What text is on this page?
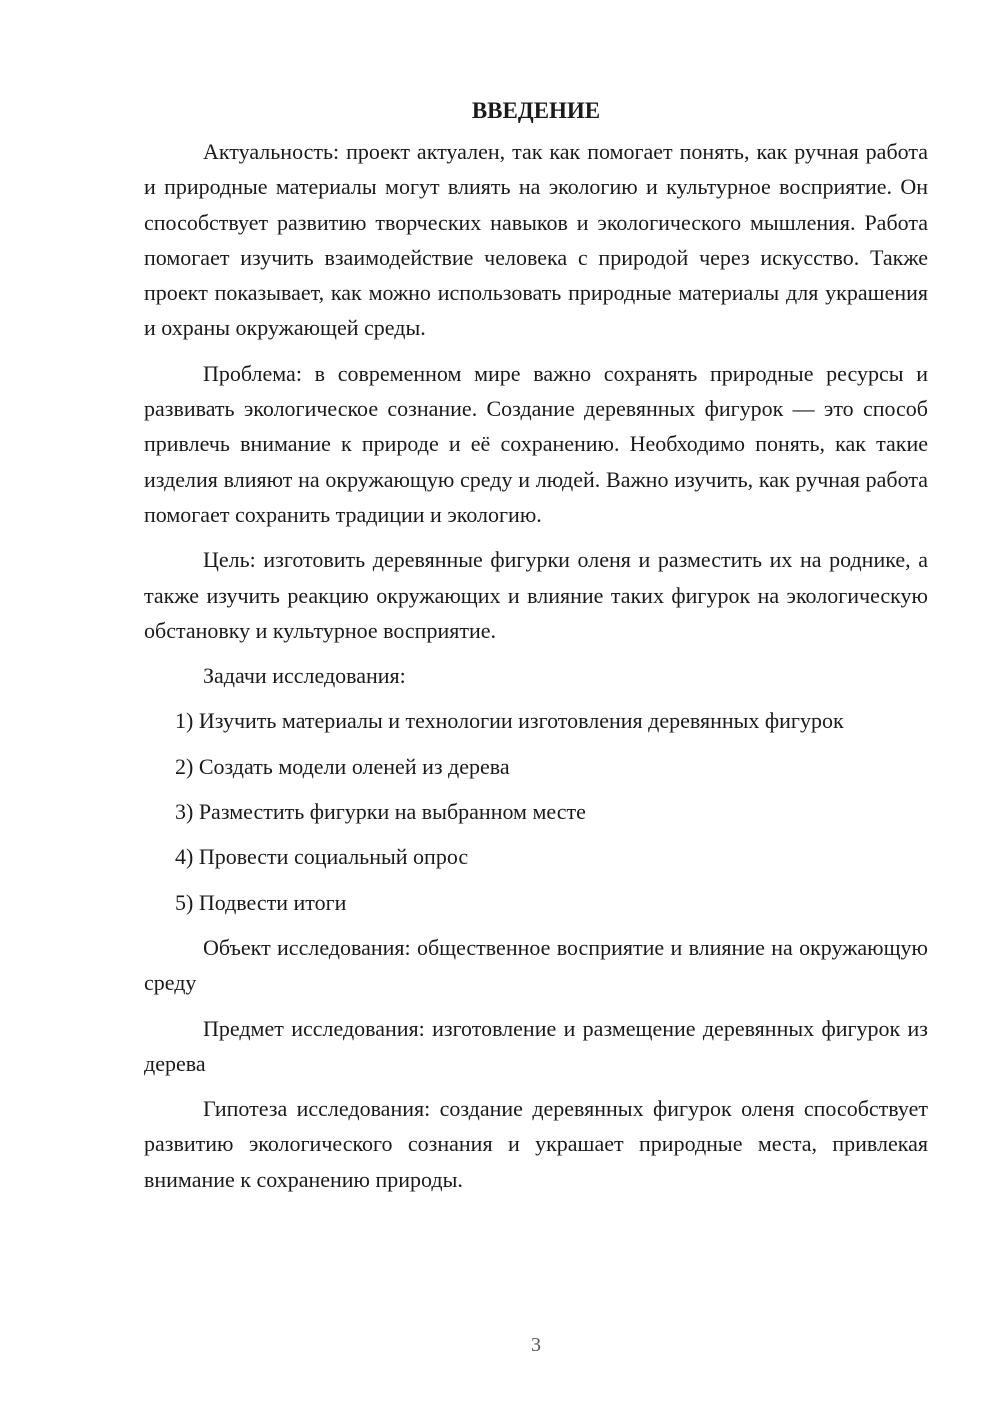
ВВЕДЕНИЕ

Актуальность: проект актуален, так как помогает понять, как ручная работа и природные материалы могут влиять на экологию и культурное восприятие. Он способствует развитию творческих навыков и экологического мышления. Работа помогает изучить взаимодействие человека с природой через искусство. Также проект показывает, как можно использовать природные материалы для украшения и охраны окружающей среды.

Проблема: в современном мире важно сохранять природные ресурсы и развивать экологическое сознание. Создание деревянных фигурок — это способ привлечь внимание к природе и её сохранению. Необходимо понять, как такие изделия влияют на окружающую среду и людей. Важно изучить, как ручная работа помогает сохранить традиции и экологию.

Цель: изготовить деревянные фигурки оленя и разместить их на роднике, а также изучить реакцию окружающих и влияние таких фигурок на экологическую обстановку и культурное восприятие.

Задачи исследования:

1) Изучить материалы и технологии изготовления деревянных фигурок

2) Создать модели оленей из дерева

3) Разместить фигурки на выбранном месте

4) Провести социальный опрос

5) Подвести итоги

Объект исследования: общественное восприятие и влияние на окружающую среду

Предмет исследования: изготовление и размещение деревянных фигурок из дерева

Гипотеза исследования: создание деревянных фигурок оленя способствует развитию экологического сознания и украшает природные места, привлекая внимание к сохранению природы.

3
